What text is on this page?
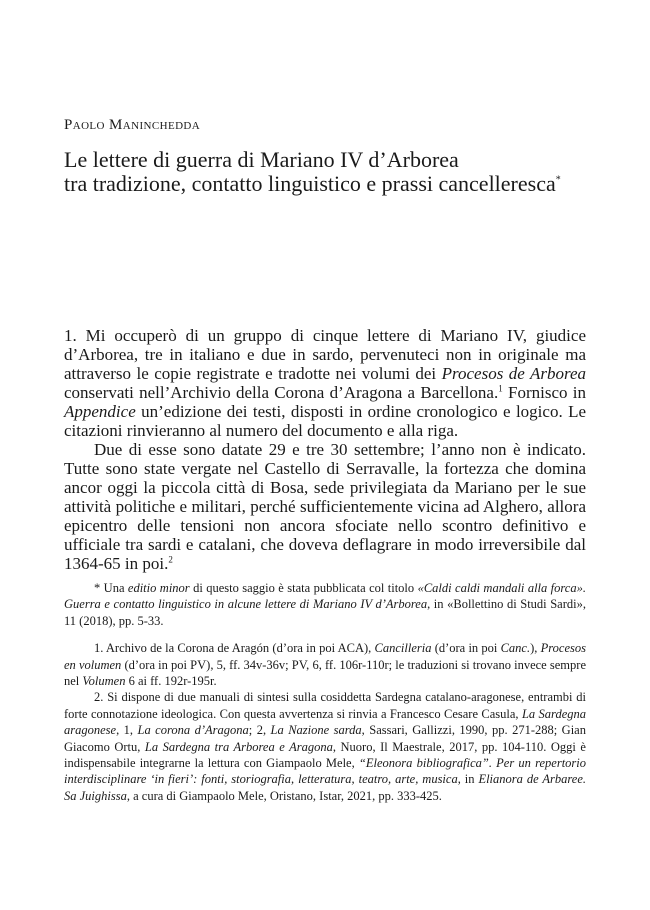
Paolo Maninchedda
Le lettere di guerra di Mariano IV d’Arborea
tra tradizione, contatto linguistico e prassi cancelleresca*

1. Mi occuperò di un gruppo di cinque lettere di Mariano IV, giudice d’Arborea, tre in italiano e due in sardo, pervenuteci non in originale ma attraverso le copie registrate e tradotte nei volumi dei Procesos de Arborea conservati nell’Archivio della Corona d’Aragona a Barcellona.$^1$ Fornisco in Appendice un’edizione dei testi, disposti in ordine cronologico e logico. Le citazioni rinvieranno al numero del documento e alla riga.

Due di esse sono datate 29 e tre 30 settembre; l’anno non è indicato. Tutte sono state vergate nel Castello di Serravalle, la fortezza che domina ancor oggi la piccola città di Bosa, sede privilegiata da Mariano per le sue attività politiche e militari, perché sufficientemente vicina ad Alghero, allora epicentro delle tensioni non ancora sfociate nello scontro definitivo e ufficiale tra sardi e catalani, che doveva deflagrare in modo irreversibile dal 1364-65 in poi.$^2$

* Una editio minor di questo saggio è stata pubblicata col titolo «Caldi caldi mandali alla forca». Guerra e contatto linguistico in alcune lettere di Mariano IV d’Arborea, in «Bollettino di Studi Sardi», 11 (2018), pp. 5-33.

1. Archivo de la Corona de Aragón (d’ora in poi ACA), Cancilleria (d’ora in poi Canc.), Procesos en volumen (d’ora in poi PV), 5, ff. 34v-36v; PV, 6, ff. 106r-110r; le traduzioni si trovano invece sempre nel Volumen 6 ai ff. 192r-195r.

2. Si dispone di due manuali di sintesi sulla cosiddetta Sardegna catalano-aragonese, entrambi di forte connotazione ideologica. Con questa avvertenza si rinvia a Francesco Cesare Casula, La Sardegna aragonese, 1, La corona d’Aragona; 2, La Nazione sarda, Sassari, Gallizzi, 1990, pp. 271-288; Gian Giacomo Ortu, La Sardegna tra Arborea e Aragona, Nuoro, Il Maestrale, 2017, pp. 104-110. Oggi è indispensabile integrarne la lettura con Giampaolo Mele, “Eleonora bibliografica”. Per un repertorio interdisciplinare ‘in fieri’: fonti, storiografia, letteratura, teatro, arte, musica, in Elianora de Arbaree. Sa Juighissa, a cura di Giampaolo Mele, Oristano, Istar, 2021, pp. 333-425.
